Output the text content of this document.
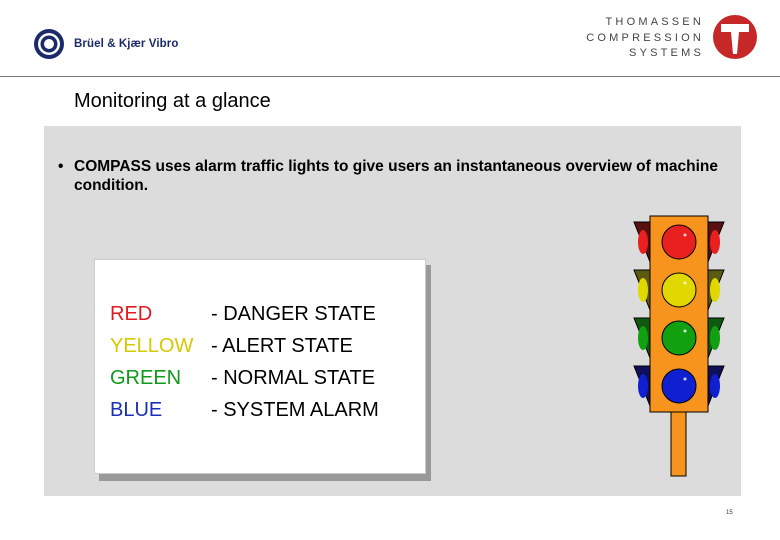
Brüel & Kjær Vibro
THOMASSEN
COMPRESSION
SYSTEMS
Monitoring at a glance
• COMPASS uses alarm traffic lights to give users an instantaneous overview of machine condition.
RED	- DANGER STATE
YELLOW - ALERT STATE
GREEN - NORMAL STATE
BLUE - SYSTEM ALARM
15
